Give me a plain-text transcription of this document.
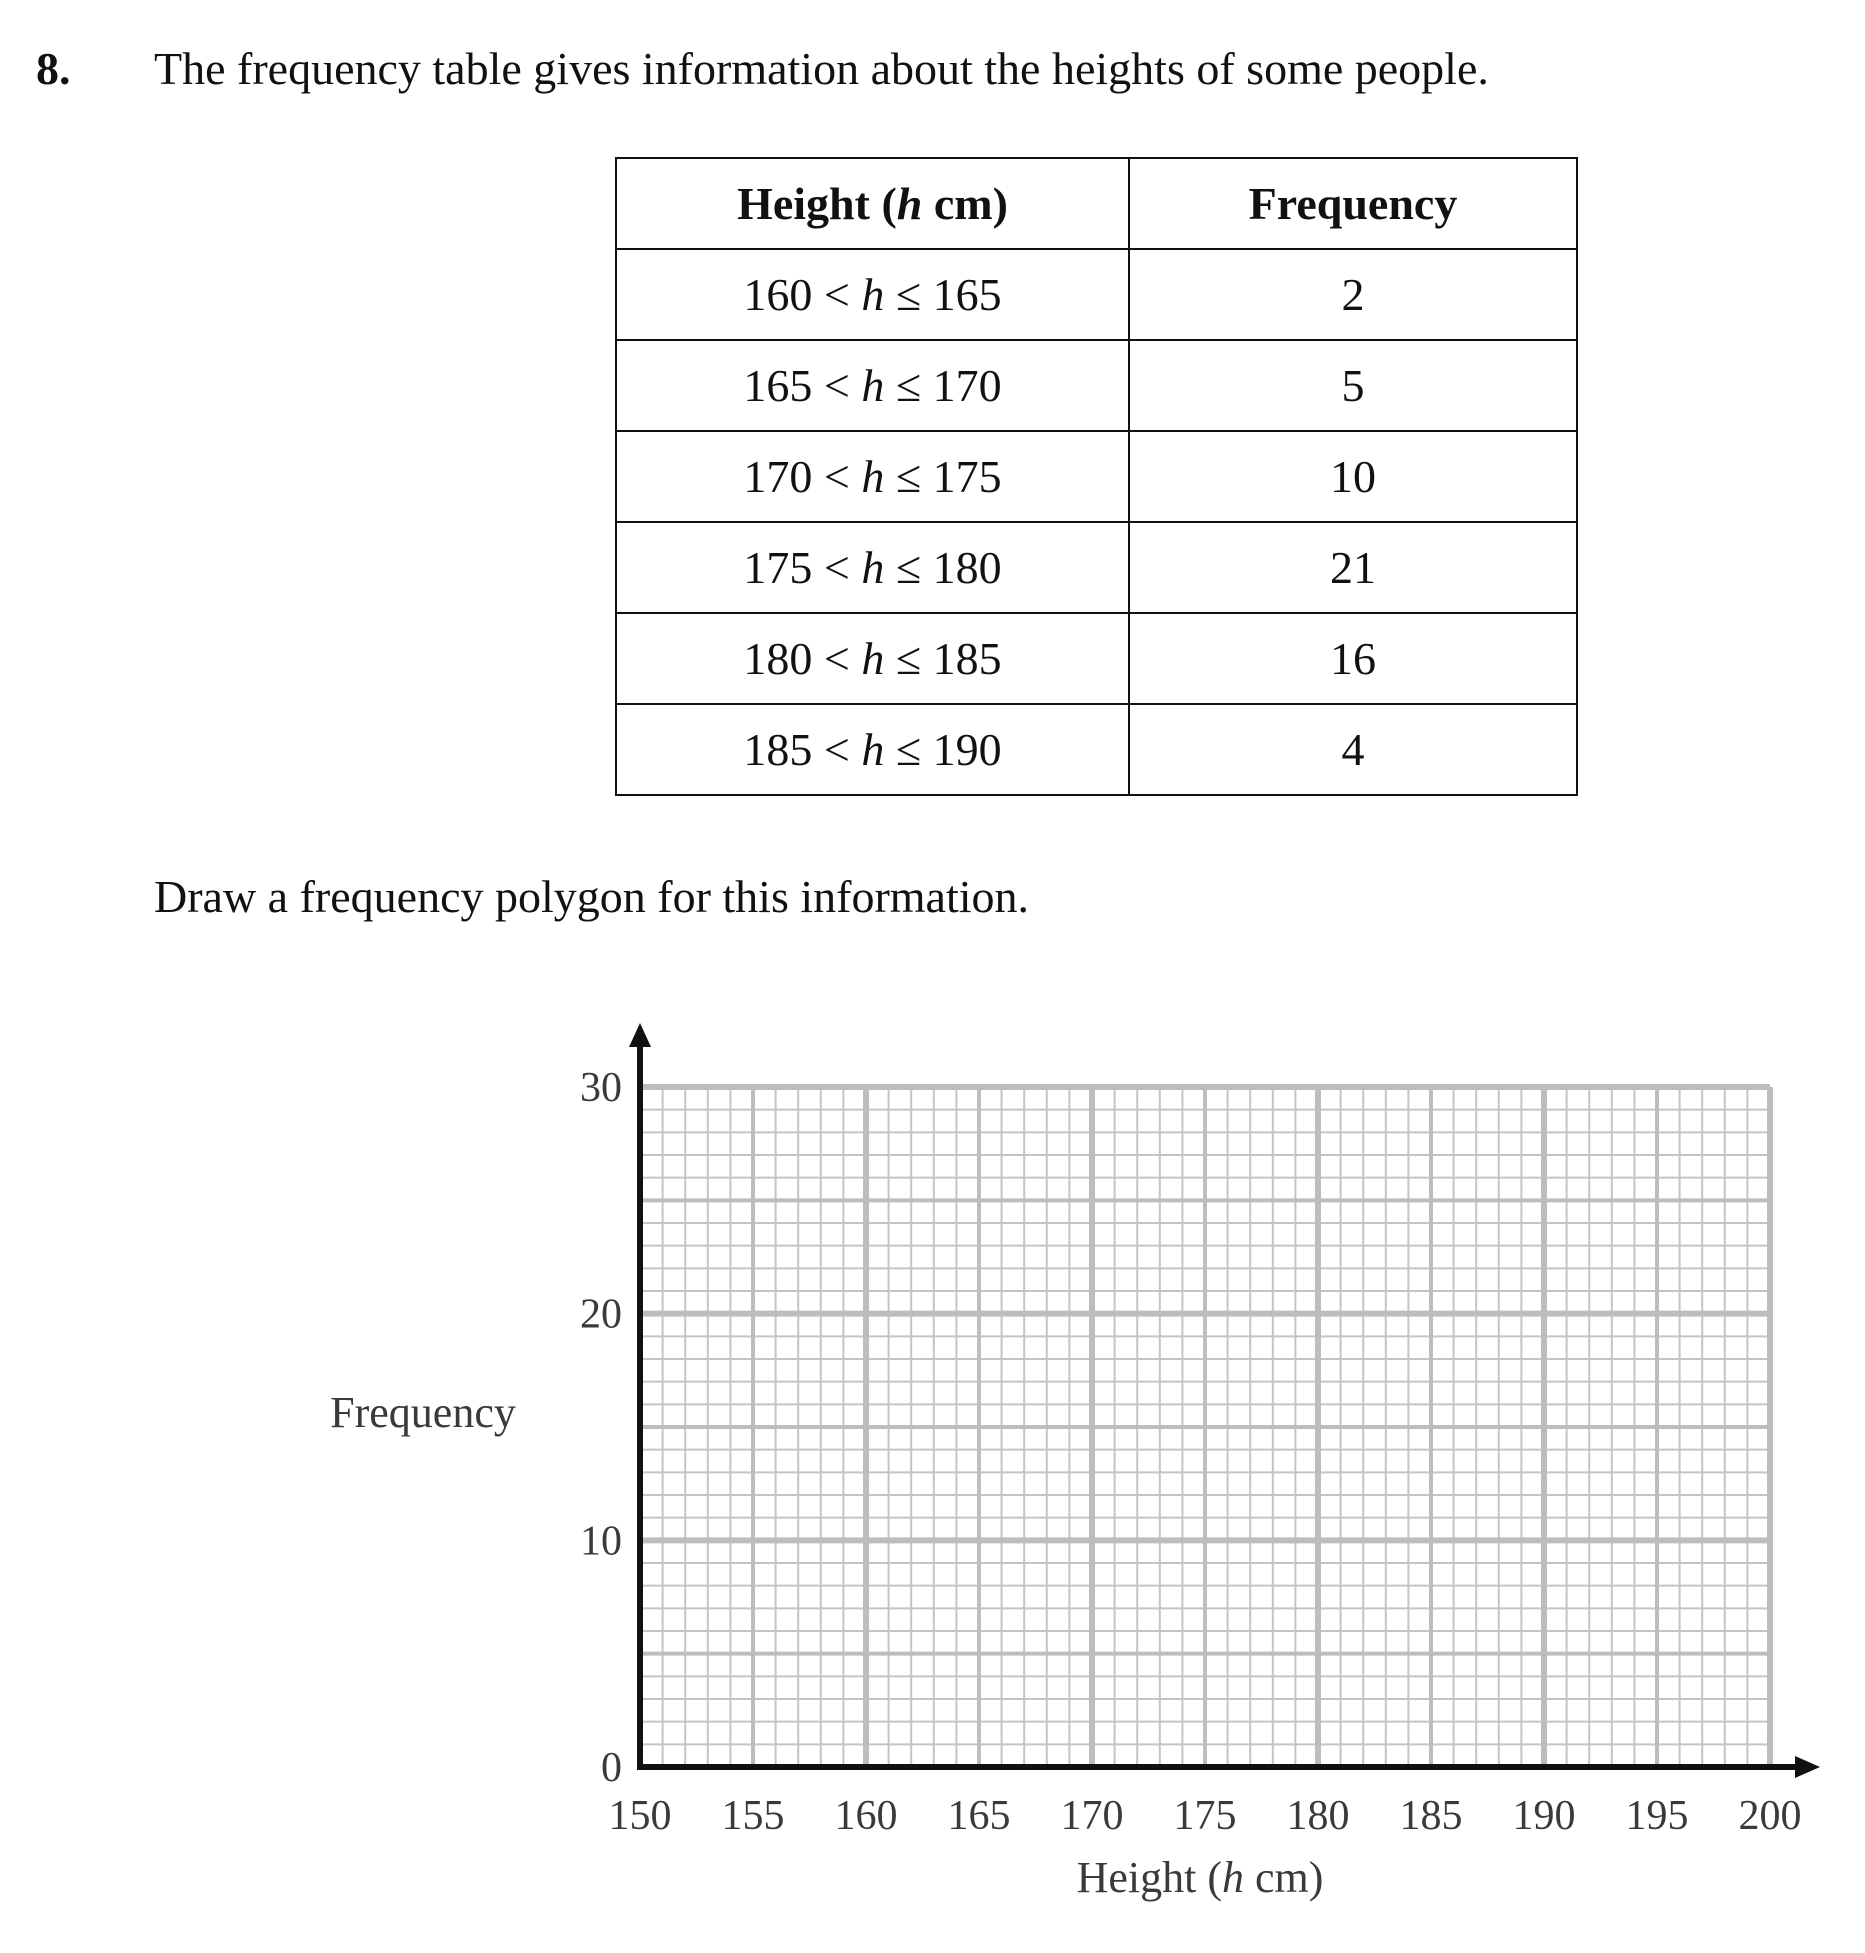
8. The frequency table gives information about the heights of some people.
Height (h cm)	Frequency
160 < h ≤ 165	2
165 < h ≤ 170	5
170 < h ≤ 175	10
175 < h ≤ 180	21
180 < h ≤ 185	16
185 < h ≤ 190	4
Draw a frequency polygon for this information.
150 155 160 165 170 175 180 185 190 195 200
0
10
20
30
Frequency
Height (h cm)
